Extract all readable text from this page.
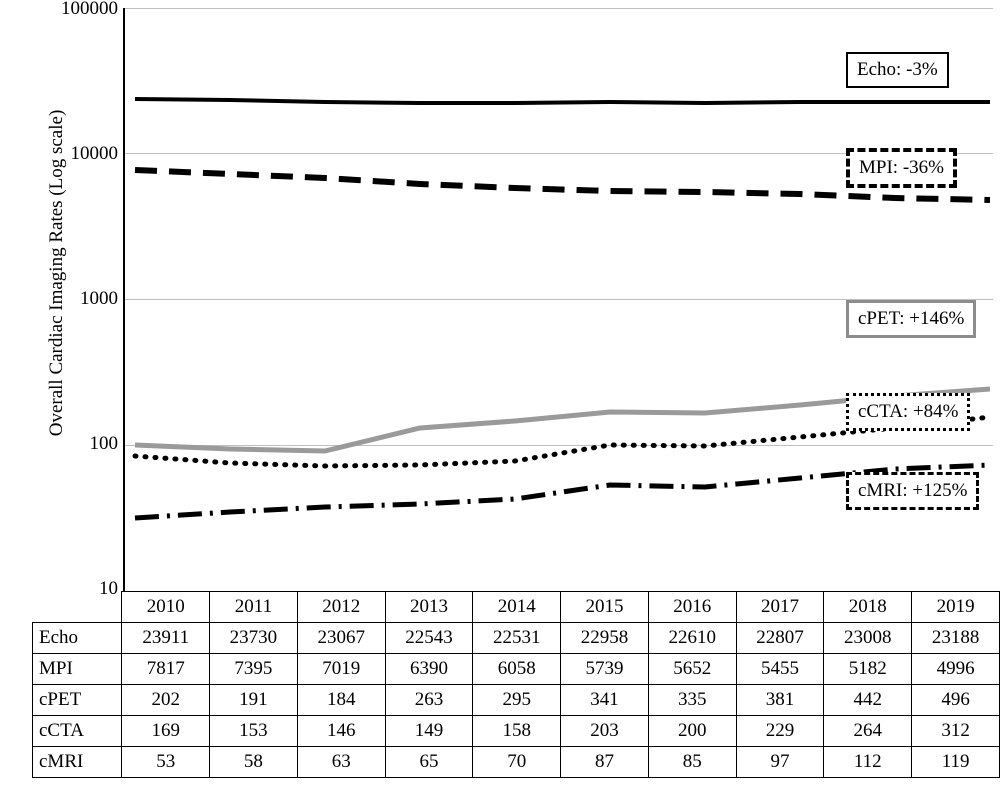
Overall Cardiac Imaging Rates (Log scale)
100000
10000
1000
100
10
Echo: -3%
MPI: -36%
cPET: +146%
cCTA: +84%
cMRI: +125%
	2010	2011	2012	2013	2014	2015	2016	2017	2018	2019
Echo	23911	23730	23067	22543	22531	22958	22610	22807	23008	23188
MPI	7817	7395	7019	6390	6058	5739	5652	5455	5182	4996
cPET	202	191	184	263	295	341	335	381	442	496
cCTA	169	153	146	149	158	203	200	229	264	312
cMRI	53	58	63	65	70	87	85	97	112	119
